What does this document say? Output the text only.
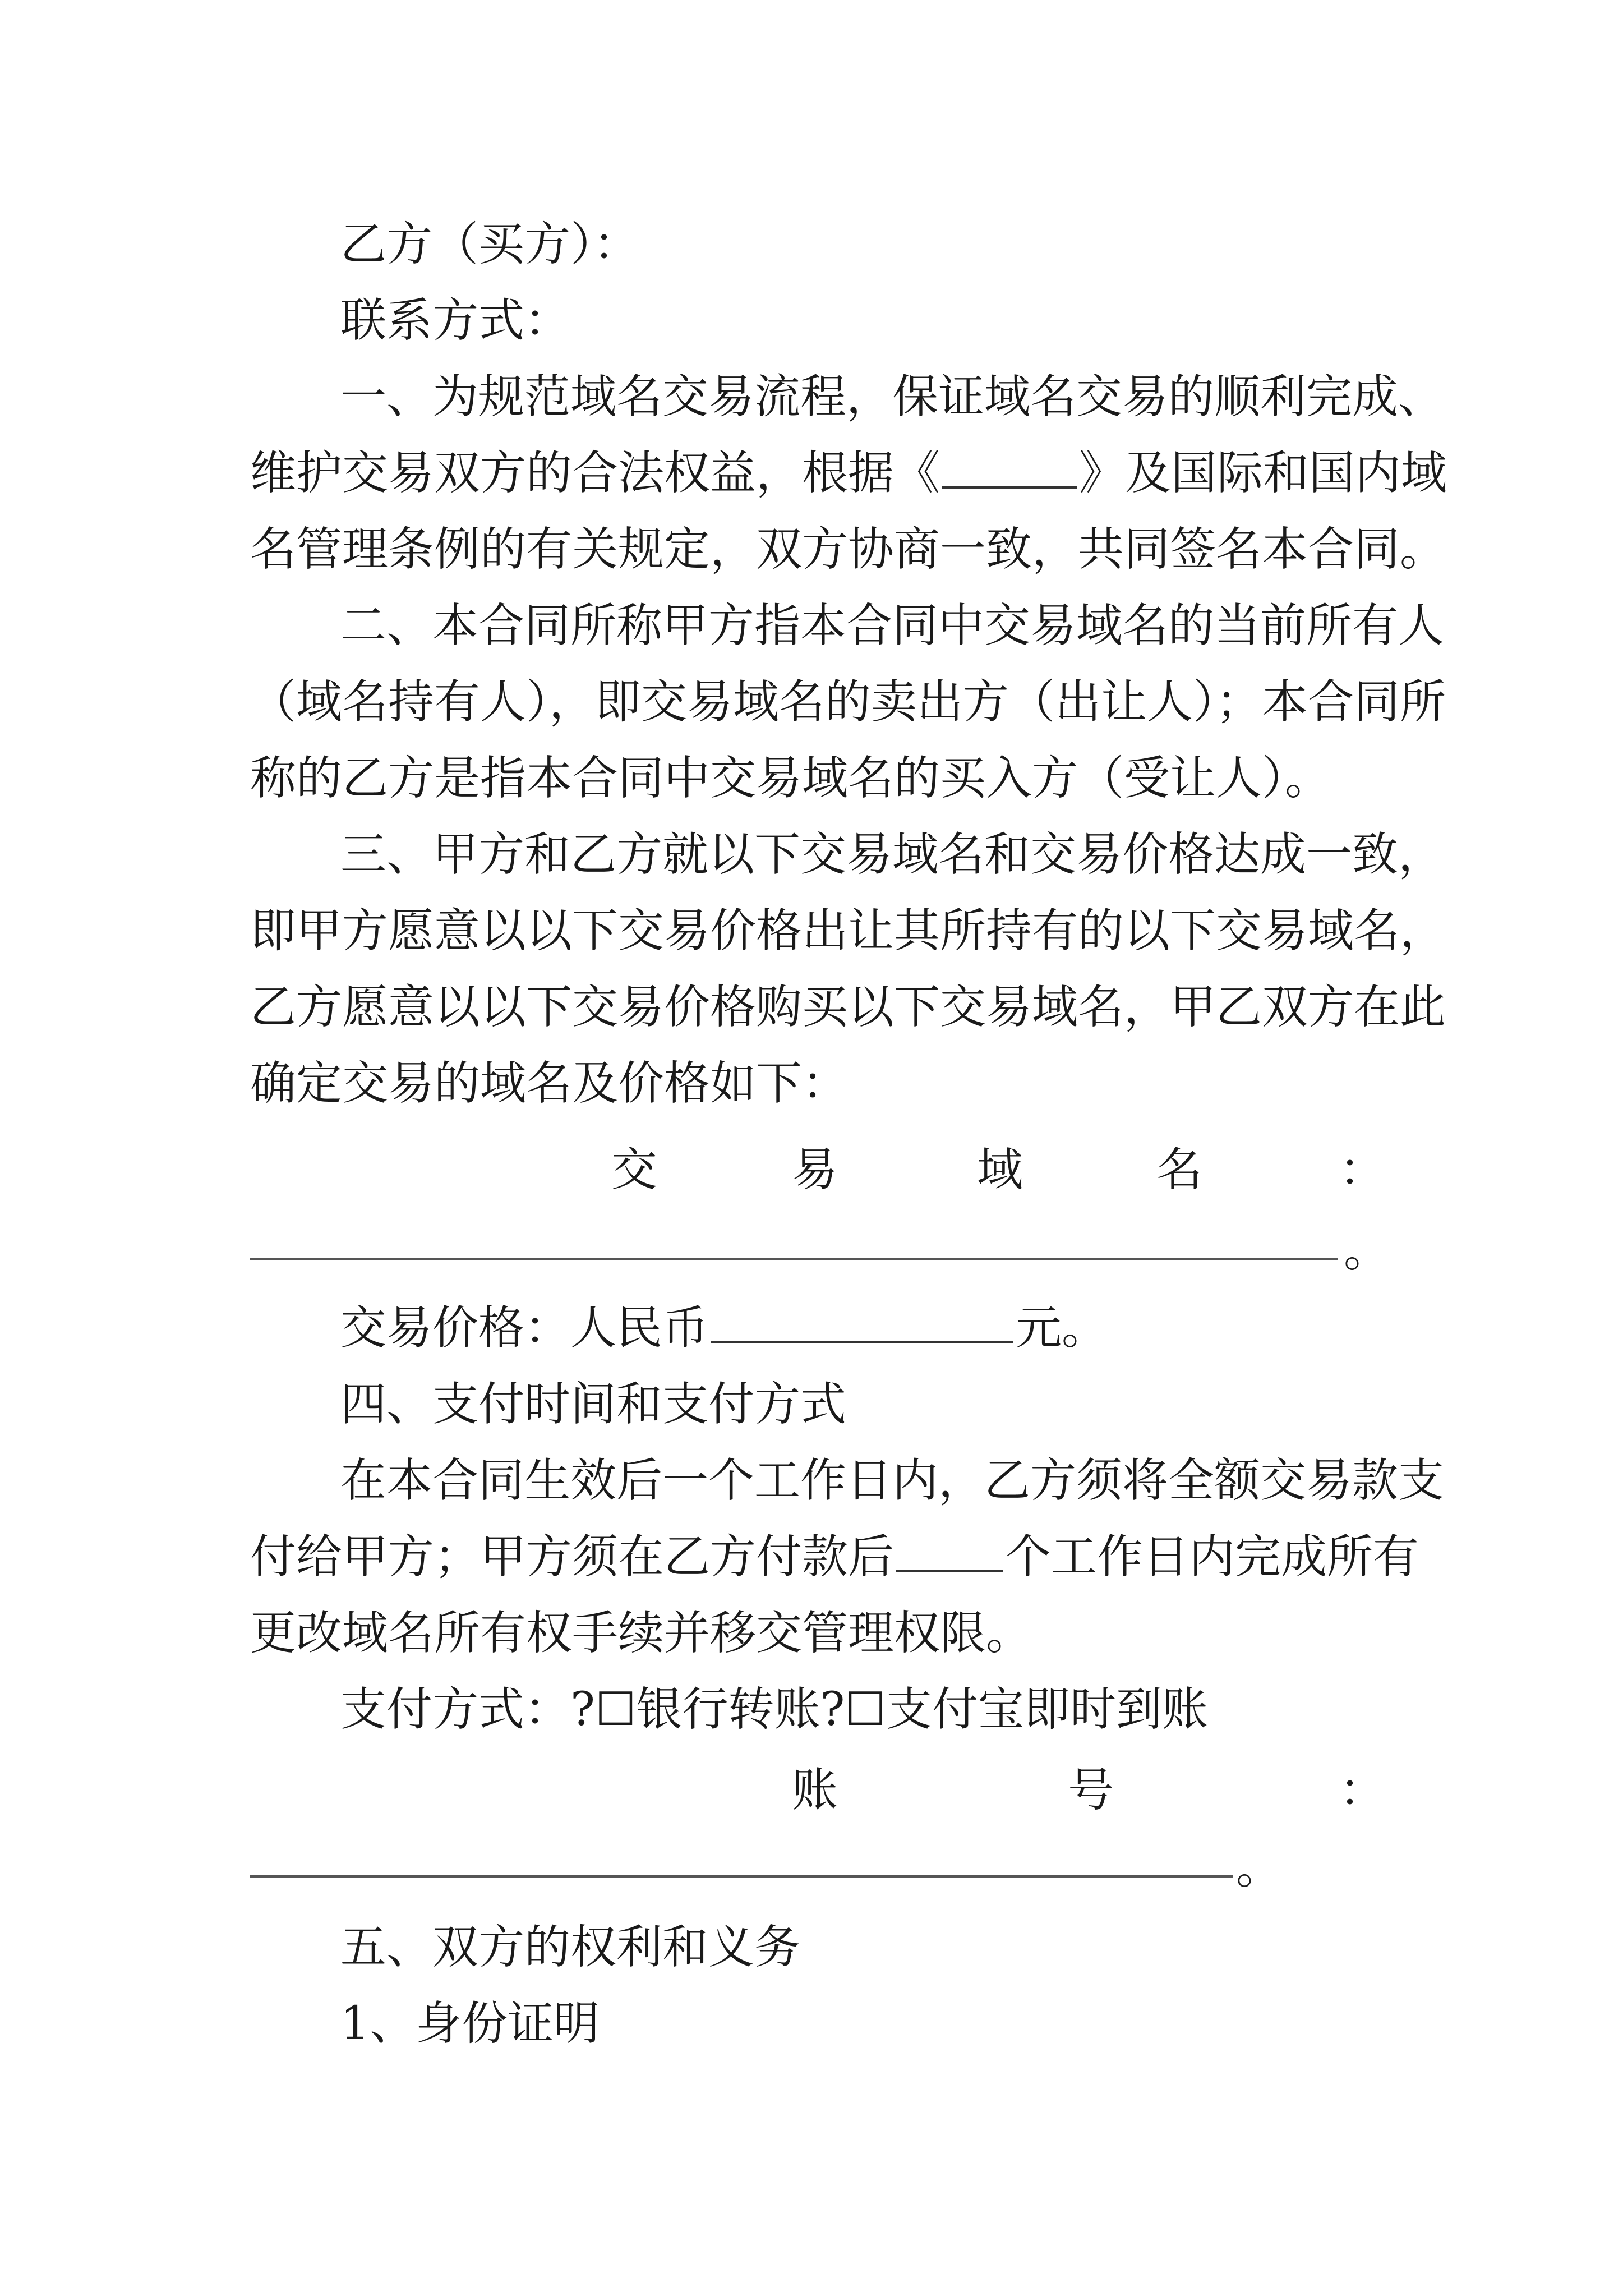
乙方（买方）：
联系方式：
一、为规范域名交易流程，保证域名交易的顺利完成、
维护交易双方的合法权益，根据《	》及国际和国内域
名管理条例的有关规定，双方协商一致，共同签名本合同。
二、本合同所称甲方指本合同中交易域名的当前所有人
（域名持有人），即交易域名的卖出方（出让人）；本合同所
称的乙方是指本合同中交易域名的买入方（受让人）。
三、甲方和乙方就以下交易域名和交易价格达成一致，
即甲方愿意以以下交易价格出让其所持有的以下交易域名，
乙方愿意以以下交易价格购买以下交易域名，甲乙双方在此
确定交易的域名及价格如下：
交	易	域	名	：
。
交易价格：人民币	元。
四、支付时间和支付方式
在本合同生效后一个工作日内，乙方须将全额交易款支
付给甲方；甲方须在乙方付款后 个工作日内完成所有
更改域名所有权手续并移交管理权限。
支付方式：?☐银行转账?☐支付宝即时到账
账	号	：
。
五、双方的权利和义务
1、身份证明
